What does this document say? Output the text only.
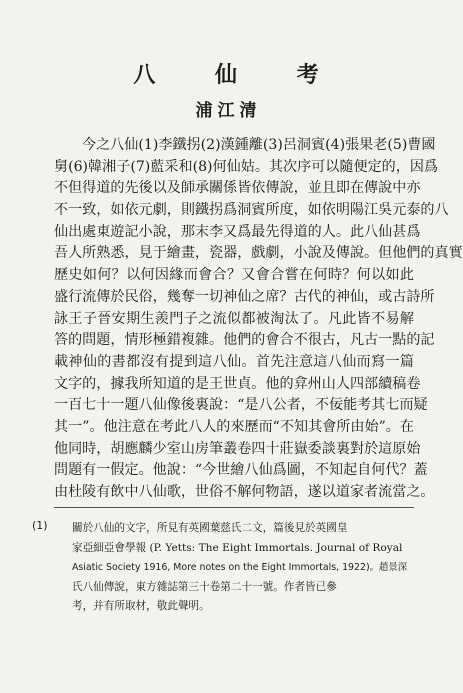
八 仙 考
浦江清
今之八仙(1)李鐵拐(2)漢鍾離(3)呂洞賓(4)張果老(5)曹國
舅(6)韓湘子(7)藍采和(8)何仙姑。其次序可以隨便定的，因爲
不但得道的先後以及師承關係皆依傳說，並且即在傳說中亦
不一致，如依元劇，則鐵拐爲洞賓所度，如依明陽江吳元泰的八
仙出處東遊記小說，那末李又爲最先得道的人。此八仙甚爲
吾人所熟悉，見于繪畫，瓷器，戲劇，小說及傳說。但他們的真實
歷史如何？以何因緣而會合？又會合嘗在何時？何以如此
盛行流傳於民俗，幾奪一切神仙之席？古代的神仙，或古詩所
詠王子晉安期生羨門子之流似都被淘汰了。凡此皆不易解
答的問題，情形極錯複雜。他們的會合不很古，凡古一點的記
載神仙的書都沒有提到這八仙。首先注意這八仙而寫一篇
文字的，據我所知道的是王世貞。他的弇州山人四部續稿卷
一百七十一題八仙像後裏說：“是八公者，不佞能考其七而疑
其一”。他注意在考此八人的來歷而“不知其會所由始”。在
他同時，胡應麟少室山房筆叢卷四十莊嶽委談裏對於這原始
問題有一假定。他說：“今世繪八仙爲圖，不知起自何代？蓋
由杜陵有飲中八仙歌，世俗不解何物語，遂以道家者流當之。
(1) 關於八仙的文字，所見有英國葉慈氏二文，篇後見於英國皇
家亞細亞會學報 (P. Yetts: The Eight Immortals. Journal of Royal
Asiatic Society 1916, More notes on the Eight Immortals, 1922)。趙景深
氏八仙傳說，東方雜誌第三十卷第二十一號。作者皆已參
考，并有所取材，敬此聲明。
